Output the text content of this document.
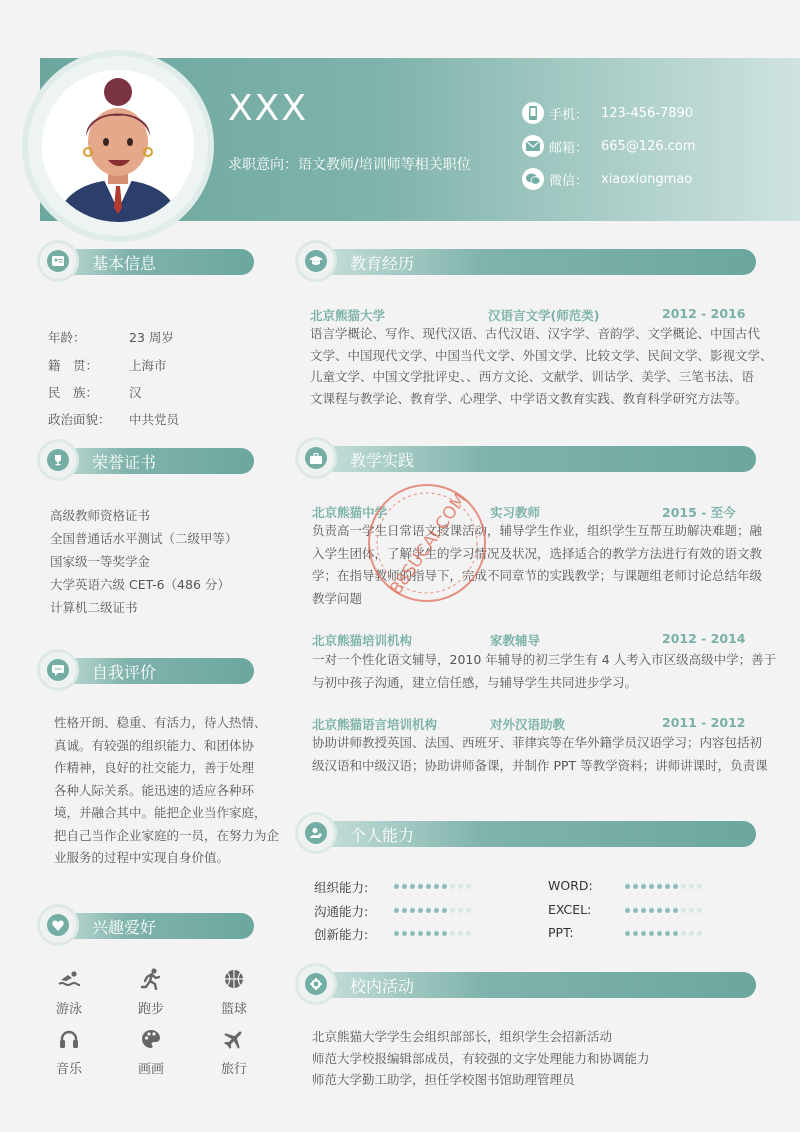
XXX
求职意向：语文教师/培训师等相关职位
手机： 123-456-7890
邮箱： 665@126.com
微信： xiaoxiongmao
基本信息
年龄：	23 周岁
籍　贯： 上海市
民　族： 汉
政治面貌： 中共党员
荣誉证书
高级教师资格证书
全国普通话水平测试（二级甲等）
国家级一等奖学金
大学英语六级 CET-6（486 分）
计算机二级证书
自我评价
性格开朗、稳重、有活力，待人热情、
真诚。有较强的组织能力、和团体协
作精神，良好的社交能力，善于处理
各种人际关系。能迅速的适应各种环
境，并融合其中。能把企业当作家庭，
把自己当作企业家庭的一员，在努力为企
业服务的过程中实现自身价值。
兴趣爱好
游泳	跑步	篮球
音乐	画画	旅行
教育经历
北京熊猫大学	汉语言文学(师范类)	2012 - 2016
语言学概论、写作、现代汉语、古代汉语、汉字学、音韵学、文学概论、中国古代
文学、中国现代文学、中国当代文学、外国文学、比较文学、民间文学、影视文学、
儿童文学、中国文学批评史、、西方文论、文献学、训诂学、美学、三笔书法、语
文课程与教学论、教育学、心理学、中学语文教育实践、教育科学研究方法等。
教学实践
北京熊猫中学	实习教师	2015 - 至今
负责高一学生日常语文授课活动，辅导学生作业，组织学生互帮互助解决难题；融
入学生团体，了解学生的学习情况及状况，选择适合的教学方法进行有效的语文教
学；在指导教师的指导下，完成不同章节的实践教学；与课题组老师讨论总结年级
教学问题
北京熊猫培训机构	家教辅导	2012 - 2014
一对一个性化语文辅导，2010 年辅导的初三学生有 4 人考入市区级高级中学；善于
与初中孩子沟通，建立信任感，与辅导学生共同进步学习。
北京熊猫语言培训机构	对外汉语助教	2011 - 2012
协助讲师教授英国、法国、西班牙、菲律宾等在华外籍学员汉语学习；内容包括初
级汉语和中级汉语；协助讲师备课，并制作 PPT 等教学资料；讲师讲课时，负责课
88SUCAI.COM
个人能力
组织能力:	WORD:
沟通能力:	EXCEL:
创新能力:	PPT:
校内活动
北京熊猫大学学生会组织部部长，组织学生会招新活动
师范大学校报编辑部成员，有较强的文字处理能力和协调能力
师范大学勤工助学，担任学校图书馆助理管理员
